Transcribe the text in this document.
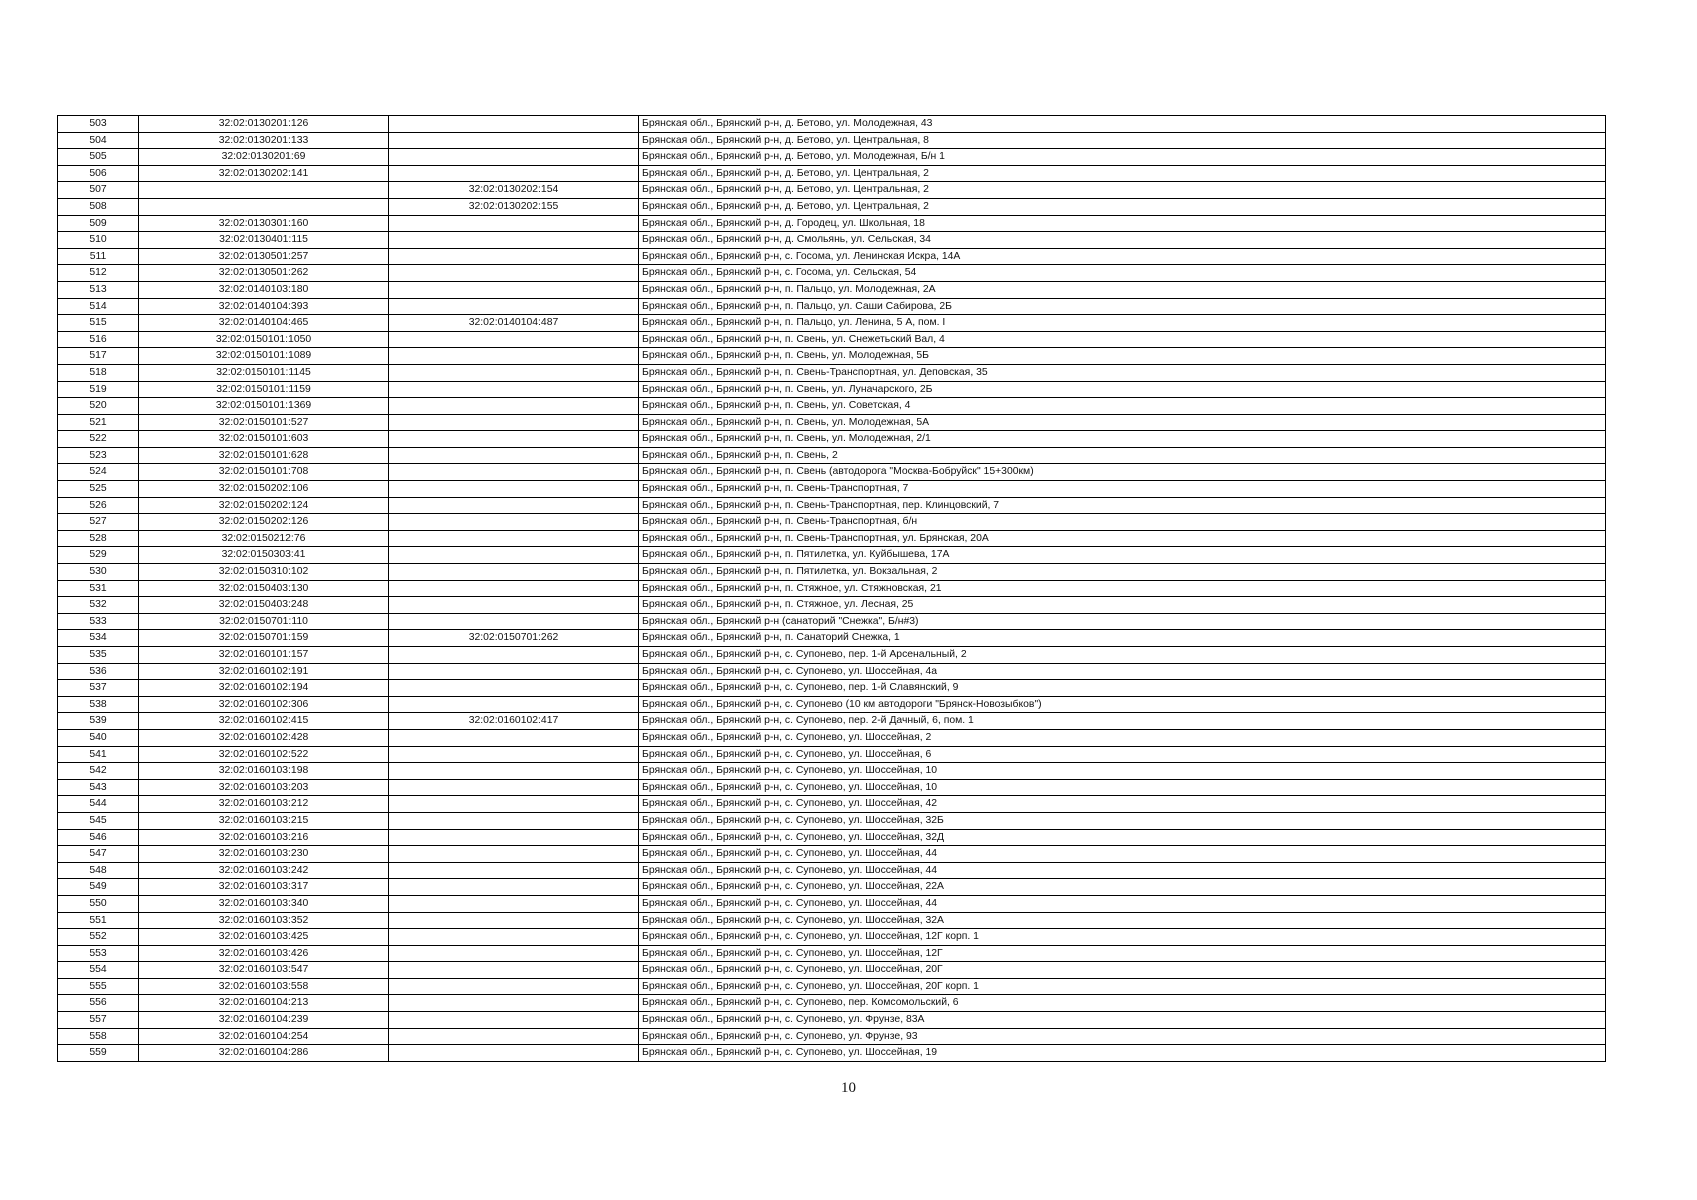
503	32:02:0130201:126		Брянская обл., Брянский р-н, д. Бетово, ул. Молодежная, 43
504	32:02:0130201:133		Брянская обл., Брянский р-н, д. Бетово, ул. Центральная, 8
505	32:02:0130201:69		Брянская обл., Брянский р-н, д. Бетово, ул. Молодежная, Б/н 1
506	32:02:0130202:141		Брянская обл., Брянский р-н, д. Бетово, ул. Центральная, 2
507		32:02:0130202:154	Брянская обл., Брянский р-н, д. Бетово, ул. Центральная, 2
508		32:02:0130202:155	Брянская обл., Брянский р-н, д. Бетово, ул. Центральная, 2
509	32:02:0130301:160		Брянская обл., Брянский р-н, д. Городец, ул. Школьная, 18
510	32:02:0130401:115		Брянская обл., Брянский р-н, д. Смольянь, ул. Сельская, 34
511	32:02:0130501:257		Брянская обл., Брянский р-н, с. Госома, ул. Ленинская Искра, 14А
512	32:02:0130501:262		Брянская обл., Брянский р-н, с. Госома, ул. Сельская, 54
513	32:02:0140103:180		Брянская обл., Брянский р-н, п. Пальцо, ул. Молодежная, 2А
514	32:02:0140104:393		Брянская обл., Брянский р-н, п. Пальцо, ул. Саши Сабирова, 2Б
515	32:02:0140104:465	32:02:0140104:487	Брянская обл., Брянский р-н, п. Пальцо, ул. Ленина, 5 А, пом. I
516	32:02:0150101:1050		Брянская обл., Брянский р-н, п. Свень, ул. Снежетьский Вал, 4
517	32:02:0150101:1089		Брянская обл., Брянский р-н, п. Свень, ул. Молодежная, 5Б
518	32:02:0150101:1145		Брянская обл., Брянский р-н, п. Свень-Транспортная, ул. Деповская, 35
519	32:02:0150101:1159		Брянская обл., Брянский р-н, п. Свень, ул. Луначарского, 2Б
520	32:02:0150101:1369		Брянская обл., Брянский р-н, п. Свень, ул. Советская, 4
521	32:02:0150101:527		Брянская обл., Брянский р-н, п. Свень, ул. Молодежная, 5А
522	32:02:0150101:603		Брянская обл., Брянский р-н, п. Свень, ул. Молодежная, 2/1
523	32:02:0150101:628		Брянская обл., Брянский р-н, п. Свень, 2
524	32:02:0150101:708		Брянская обл., Брянский р-н, п. Свень (автодорога "Москва-Бобруйск" 15+300км)
525	32:02:0150202:106		Брянская обл., Брянский р-н, п. Свень-Транспортная, 7
526	32:02:0150202:124		Брянская обл., Брянский р-н, п. Свень-Транспортная, пер. Клинцовский, 7
527	32:02:0150202:126		Брянская обл., Брянский р-н, п. Свень-Транспортная, б/н
528	32:02:0150212:76		Брянская обл., Брянский р-н, п. Свень-Транспортная, ул. Брянская, 20А
529	32:02:0150303:41		Брянская обл., Брянский р-н, п. Пятилетка, ул. Куйбышева, 17А
530	32:02:0150310:102		Брянская обл., Брянский р-н, п. Пятилетка, ул. Вокзальная, 2
531	32:02:0150403:130		Брянская обл., Брянский р-н, п. Стяжное, ул. Стяжновская, 21
532	32:02:0150403:248		Брянская обл., Брянский р-н, п. Стяжное, ул. Лесная, 25
533	32:02:0150701:110		Брянская обл., Брянский р-н (санаторий "Снежка", Б/н#3)
534	32:02:0150701:159	32:02:0150701:262	Брянская обл., Брянский р-н, п. Санаторий Снежка, 1
535	32:02:0160101:157		Брянская обл., Брянский р-н, с. Супонево, пер. 1-й Арсенальный, 2
536	32:02:0160102:191		Брянская обл., Брянский р-н, с. Супонево, ул. Шоссейная, 4а
537	32:02:0160102:194		Брянская обл., Брянский р-н, с. Супонево, пер. 1-й Славянский, 9
538	32:02:0160102:306		Брянская обл., Брянский р-н, с. Супонево (10 км автодороги "Брянск-Новозыбков")
539	32:02:0160102:415	32:02:0160102:417	Брянская обл., Брянский р-н, с. Супонево, пер. 2-й Дачный, 6, пом. 1
540	32:02:0160102:428		Брянская обл., Брянский р-н, с. Супонево, ул. Шоссейная, 2
541	32:02:0160102:522		Брянская обл., Брянский р-н, с. Супонево, ул. Шоссейная, 6
542	32:02:0160103:198		Брянская обл., Брянский р-н, с. Супонево, ул. Шоссейная, 10
543	32:02:0160103:203		Брянская обл., Брянский р-н, с. Супонево, ул. Шоссейная, 10
544	32:02:0160103:212		Брянская обл., Брянский р-н, с. Супонево, ул. Шоссейная, 42
545	32:02:0160103:215		Брянская обл., Брянский р-н, с. Супонево, ул. Шоссейная, 32Б
546	32:02:0160103:216		Брянская обл., Брянский р-н, с. Супонево, ул. Шоссейная, 32Д
547	32:02:0160103:230		Брянская обл., Брянский р-н, с. Супонево, ул. Шоссейная, 44
548	32:02:0160103:242		Брянская обл., Брянский р-н, с. Супонево, ул. Шоссейная, 44
549	32:02:0160103:317		Брянская обл., Брянский р-н, с. Супонево, ул. Шоссейная, 22А
550	32:02:0160103:340		Брянская обл., Брянский р-н, с. Супонево, ул. Шоссейная, 44
551	32:02:0160103:352		Брянская обл., Брянский р-н, с. Супонево, ул. Шоссейная, 32А
552	32:02:0160103:425		Брянская обл., Брянский р-н, с. Супонево, ул. Шоссейная, 12Г корп. 1
553	32:02:0160103:426		Брянская обл., Брянский р-н, с. Супонево, ул. Шоссейная, 12Г
554	32:02:0160103:547		Брянская обл., Брянский р-н, с. Супонево, ул. Шоссейная, 20Г
555	32:02:0160103:558		Брянская обл., Брянский р-н, с. Супонево, ул. Шоссейная, 20Г корп. 1
556	32:02:0160104:213		Брянская обл., Брянский р-н, с. Супонево, пер. Комсомольский, 6
557	32:02:0160104:239		Брянская обл., Брянский р-н, с. Супонево, ул. Фрунзе, 83А
558	32:02:0160104:254		Брянская обл., Брянский р-н, с. Супонево, ул. Фрунзе, 93
559	32:02:0160104:286		Брянская обл., Брянский р-н, с. Супонево, ул. Шоссейная, 19
10
